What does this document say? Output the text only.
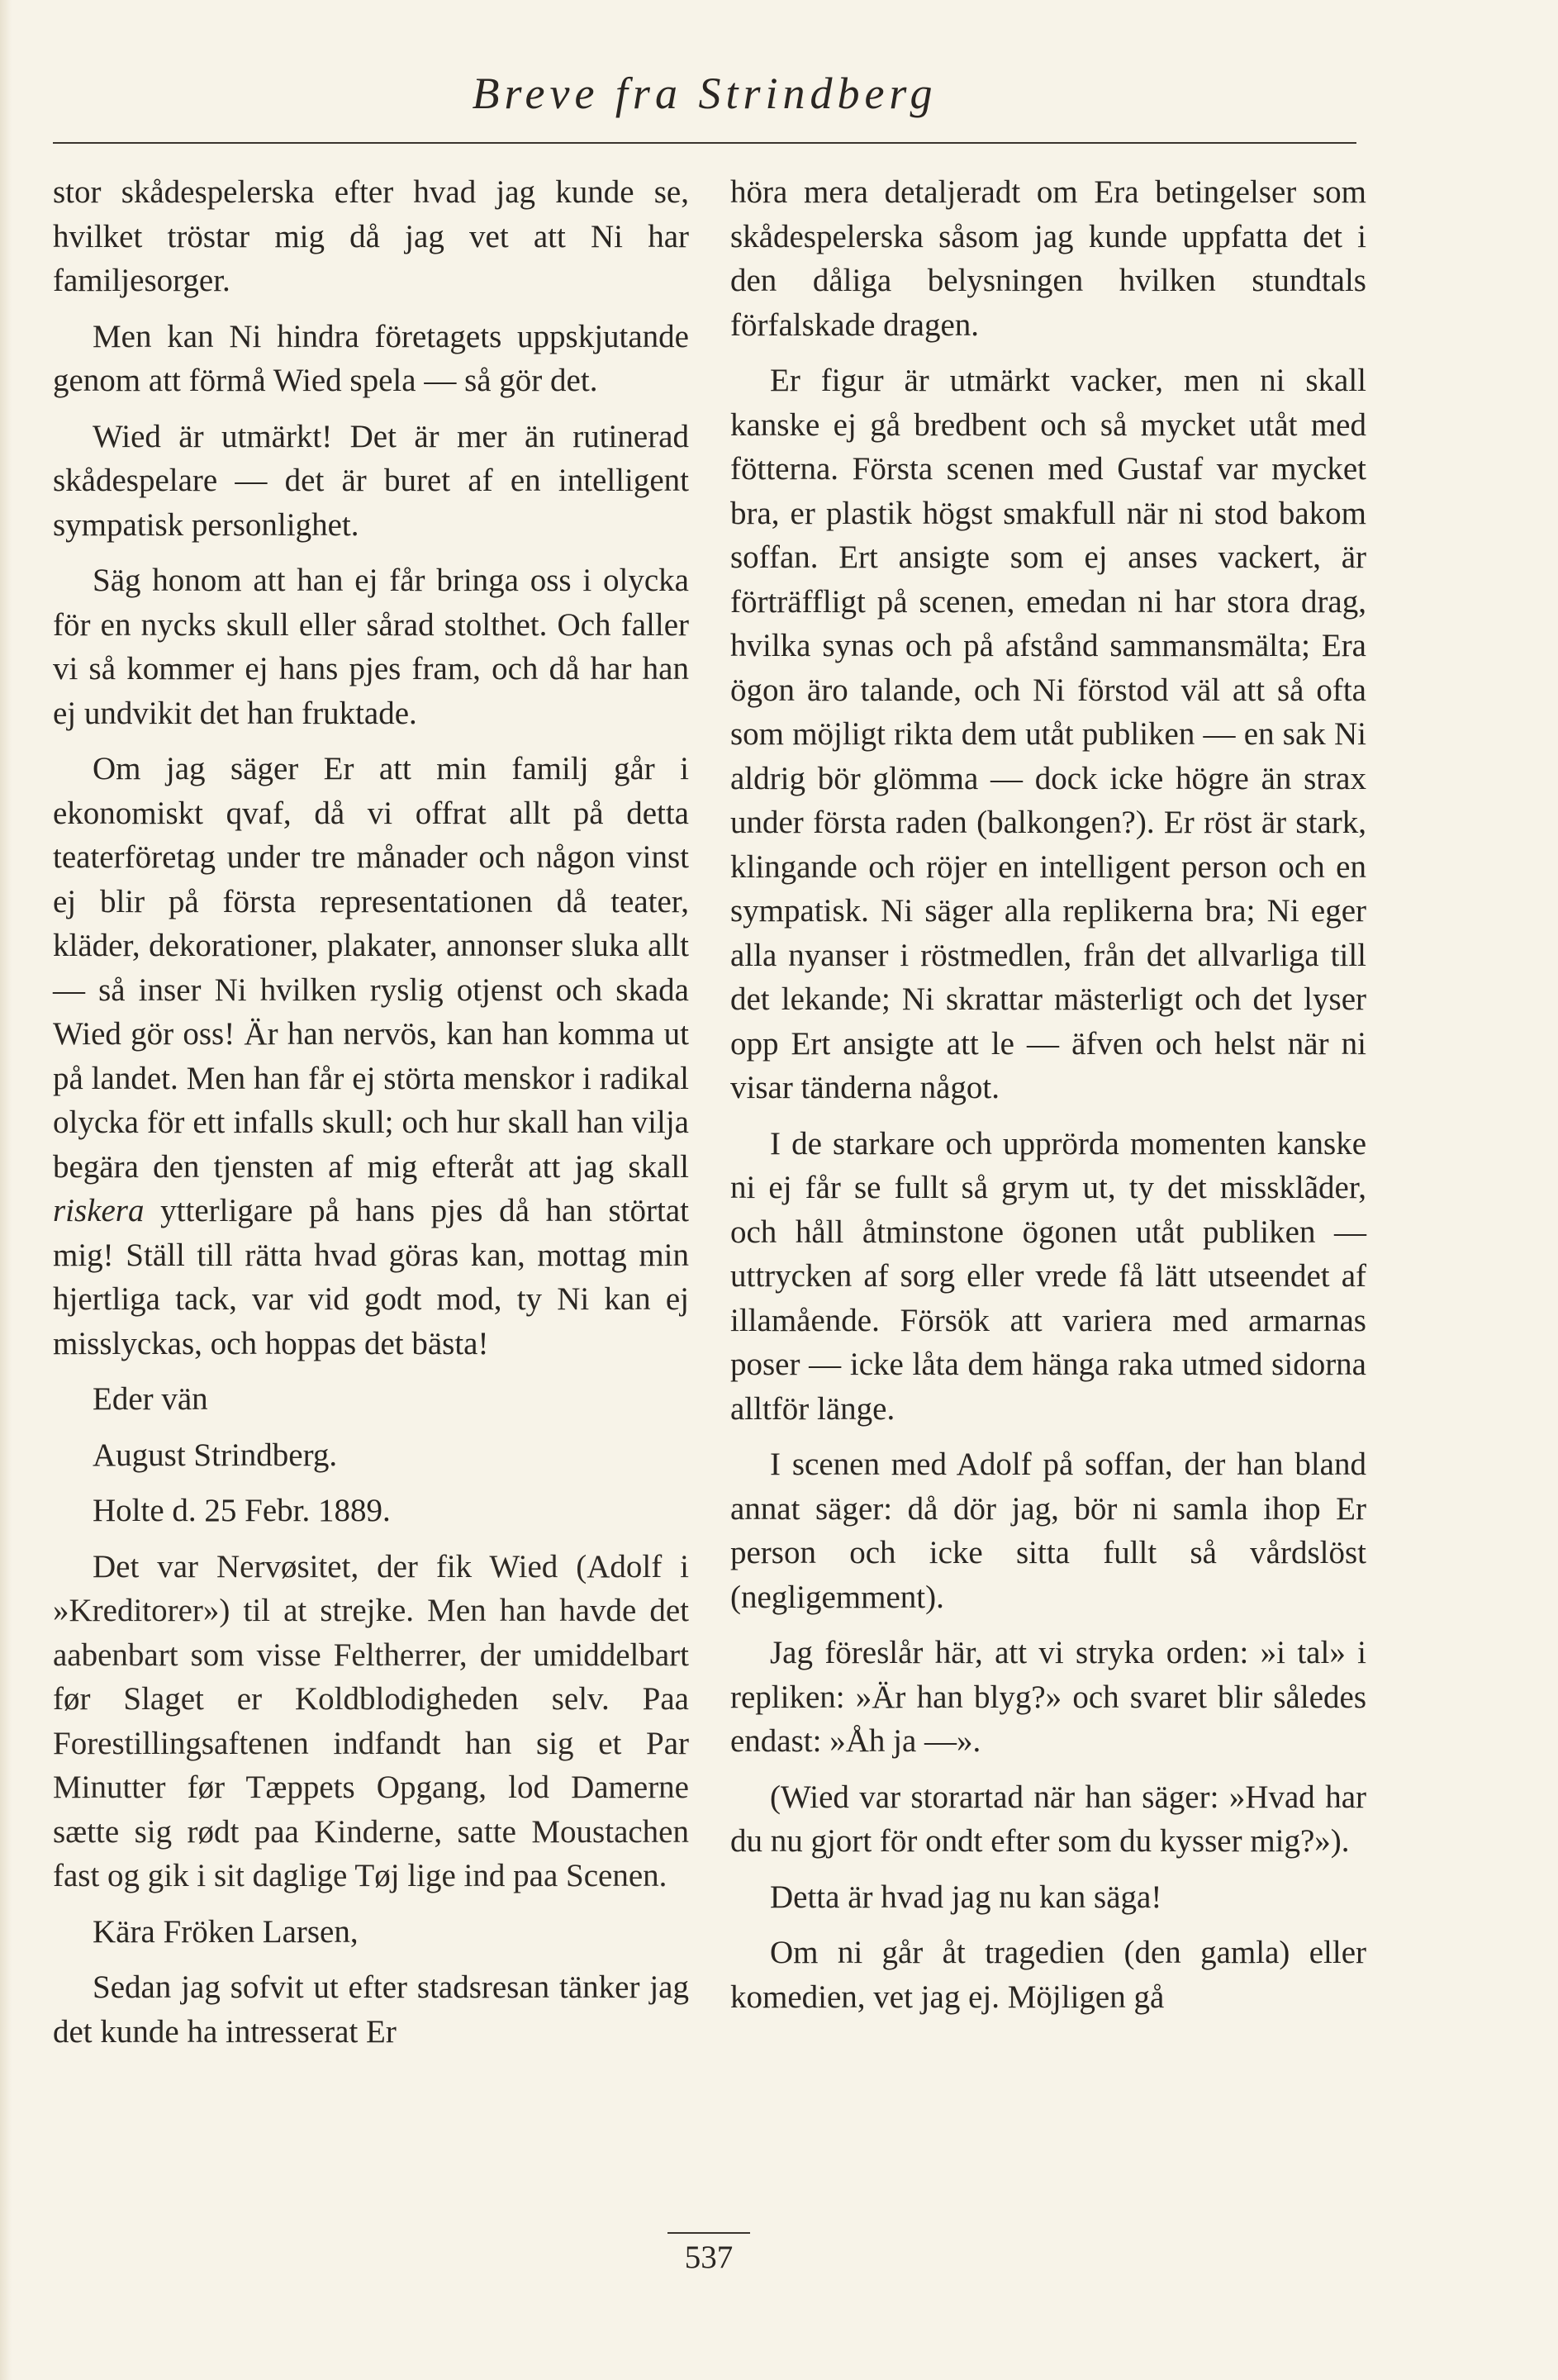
Breve fra Strindberg

stor skådespelerska efter hvad jag kunde se, hvilket tröstar mig då jag vet att Ni har familjesorger.

Men kan Ni hindra företagets uppskjutande genom att förmå Wied spela — så gör det.

Wied är utmärkt! Det är mer än rutinerad skådespelare — det är buret af en intelligent sympatisk personlighet.

Säg honom att han ej får bringa oss i olycka för en nycks skull eller sårad stolthet. Och faller vi så kommer ej hans pjes fram, och då har han ej undvikit det han fruktade.

Om jag säger Er att min familj går i ekonomiskt qvaf, då vi offrat allt på detta teaterföretag under tre månader och någon vinst ej blir på första representationen då teater, kläder, dekorationer, plakater, annonser sluka allt — så inser Ni hvilken ryslig otjenst och skada Wied gör oss! Är han nervös, kan han komma ut på landet. Men han får ej störta menskor i radikal olycka för ett infalls skull; och hur skall han vilja begära den tjensten af mig efteråt att jag skall riskera ytterligare på hans pjes då han störtat mig! Ställ till rätta hvad göras kan, mottag min hjertliga tack, var vid godt mod, ty Ni kan ej misslyckas, och hoppas det bästa!

Eder vän

August Strindberg.

Holte d. 25 Febr. 1889.

Det var Nervøsitet, der fik Wied (Adolf i »Kreditorer») til at strejke. Men han havde det aabenbart som visse Feltherrer, der umiddelbart før Slaget er Koldblodigheden selv. Paa Forestillingsaftenen indfandt han sig et Par Minutter før Tæppets Opgang, lod Damerne sætte sig rødt paa Kinderne, satte Moustachen fast og gik i sit daglige Tøj lige ind paa Scenen.

Kära Fröken Larsen,

Sedan jag sofvit ut efter stadsresan tänker jag det kunde ha intresserat Er

höra mera detaljeradt om Era betingelser som skådespelerska såsom jag kunde uppfatta det i den dåliga belysningen hvilken stundtals förfalskade dragen.

Er figur är utmärkt vacker, men ni skall kanske ej gå bredbent och så mycket utåt med fötterna. Första scenen med Gustaf var mycket bra, er plastik högst smakfull när ni stod bakom soffan. Ert ansigte som ej anses vackert, är förträffligt på scenen, emedan ni har stora drag, hvilka synas och på afstånd sammansmälta; Era ögon äro talande, och Ni förstod väl att så ofta som möjligt rikta dem utåt publiken — en sak Ni aldrig bör glömma — dock icke högre än strax under första raden (balkongen?). Er röst är stark, klingande och röjer en intelligent person och en sympatisk. Ni säger alla replikerna bra; Ni eger alla nyanser i röstmedlen, från det allvarliga till det lekande; Ni skrattar mästerligt och det lyser opp Ert ansigte att le — äfven och helst när ni visar tänderna något.

I de starkare och upprörda momenten kanske ni ej får se fullt så grym ut, ty det missklãder, och håll åtminstone ögonen utåt publiken — uttrycken af sorg eller vrede få lätt utseendet af illamående. Försök att variera med armarnas poser — icke låta dem hänga raka utmed sidorna alltför länge.

I scenen med Adolf på soffan, der han bland annat säger: då dör jag, bör ni samla ihop Er person och icke sitta fullt så vårdslöst (negligemment).

Jag föreslår här, att vi stryka orden: »i tal» i repliken: »Är han blyg?» och svaret blir således endast: »Åh ja —».

(Wied var storartad när han säger: »Hvad har du nu gjort för ondt efter som du kysser mig?»).

Detta är hvad jag nu kan säga!

Om ni går åt tragedien (den gamla) eller komedien, vet jag ej. Möjligen gå

537
